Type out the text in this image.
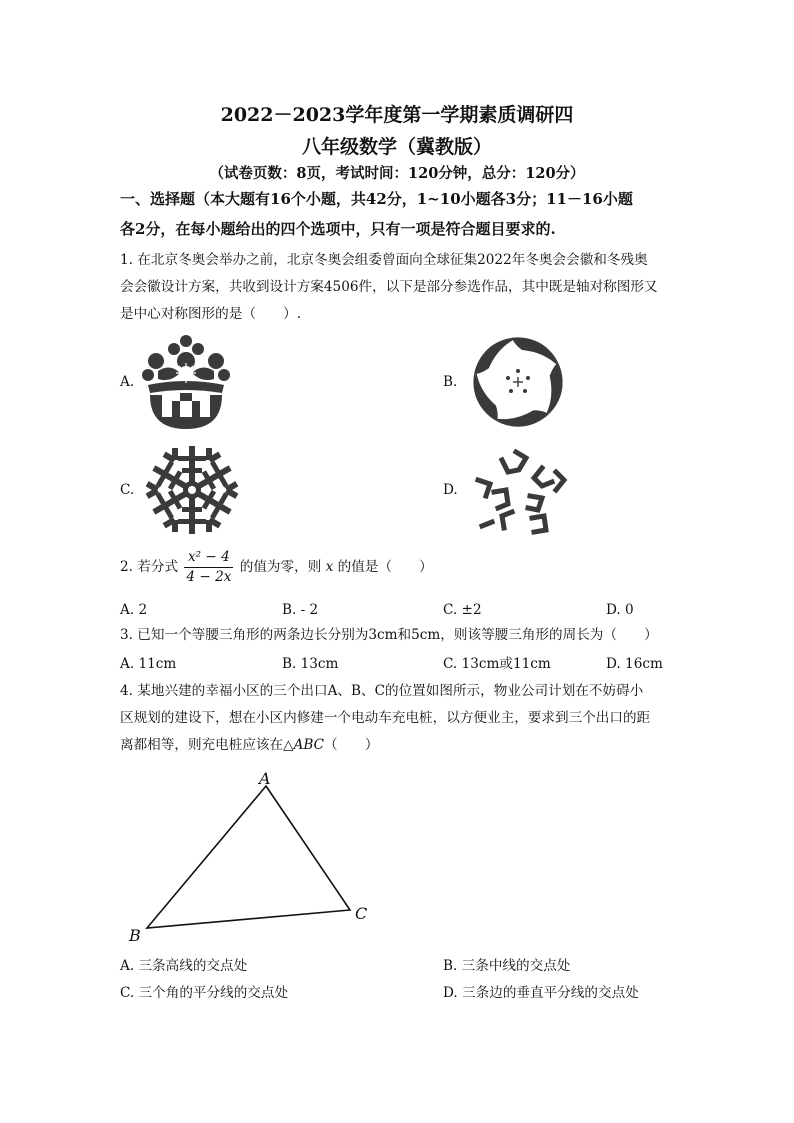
2022－2023学年度第一学期素质调研四
八年级数学（冀教版）
（试卷页数：8页，考试时间：120分钟，总分：120分）
一、选择题（本大题有16个小题，共42分，1~10小题各3分；11－16小题
各2分，在每小题给出的四个选项中，只有一项是符合题目要求的.
1. 在北京冬奥会举办之前，北京冬奥会组委曾面向全球征集2022年冬奥会会徽和冬残奥
会会徽设计方案，共收到设计方案4506件，以下是部分参选作品，其中既是轴对称图形又
是中心对称图形的是（　　）.
A.	B.
C.	D.
2. 若分式 $\frac{\text{x² − 4}}{4 - 2x}$ 的值为零，则 x 的值是（　　）
A. 2	B. - 2	C. ±2	D. 0
3. 已知一个等腰三角形的两条边长分别为3cm和5cm，则该等腰三角形的周长为（　　）
A. 11cm	B. 13cm	C. 13cm或11cm	D. 16cm
4. 某地兴建的幸福小区的三个出口A、B、C的位置如图所示，物业公司计划在不妨碍小
区规划的建设下，想在小区内修建一个电动车充电桩，以方便业主，要求到三个出口的距
离都相等，则充电桩应该在△ABC（　　）
A
B
C
A. 三条高线的交点处	B. 三条中线的交点处
C. 三个角的平分线的交点处	D. 三条边的垂直平分线的交点处
